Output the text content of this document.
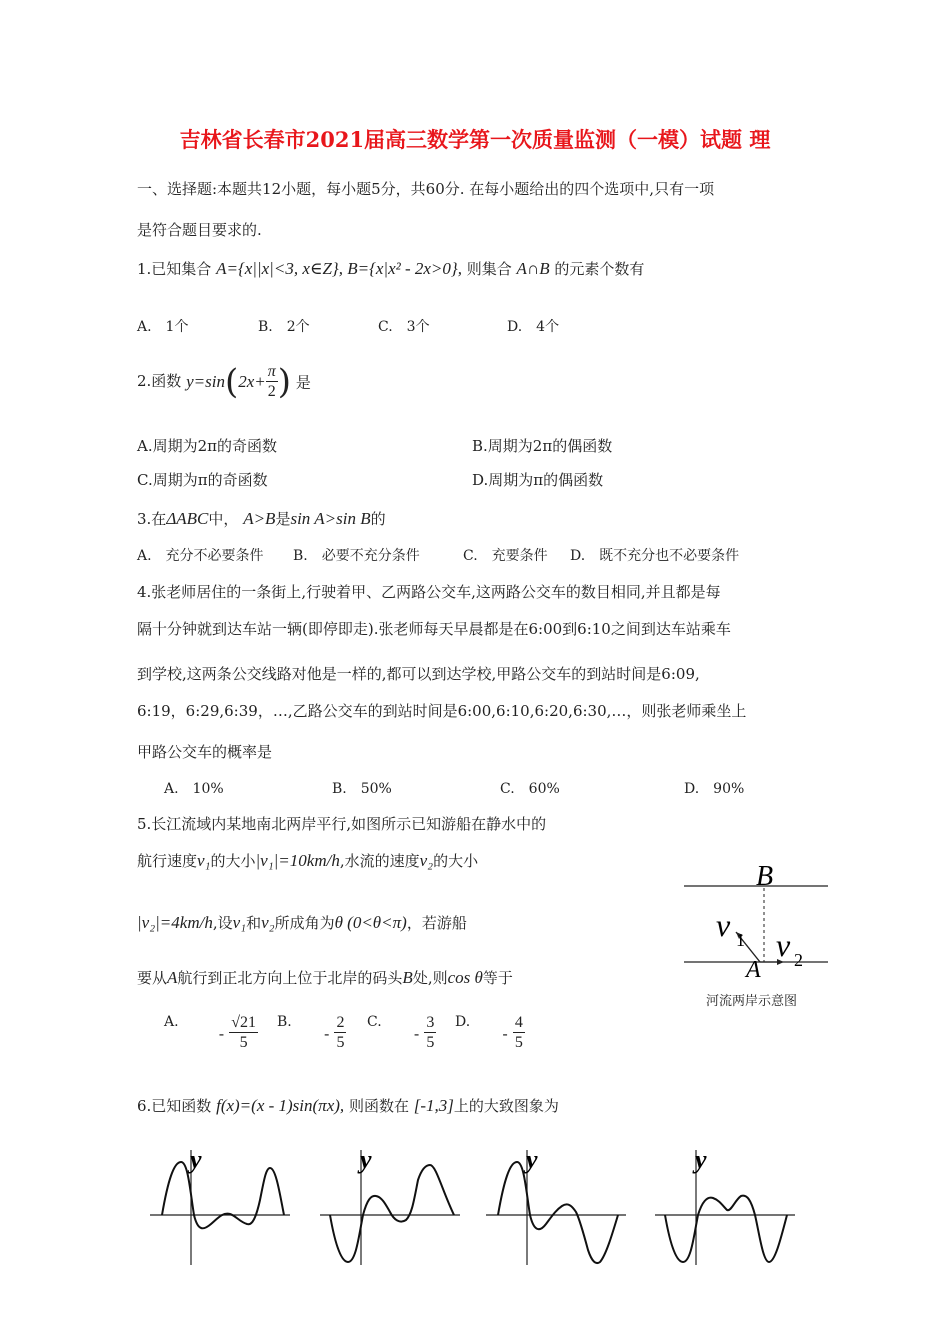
吉林省长春市2021届高三数学第一次质量监测（一模）试题 理
一、选择题:本题共12小题，每小题5分，共60分. 在每小题给出的四个选项中,只有一项
是符合题目要求的.
1.已知集合 A={x||x|<3, x∈Z}, B={x|x² - 2x>0}, 则集合 A∩B 的元素个数有
A.　1个	B.　2个	C.　3个	D.　4个
2.函数 $y=\sin(2x+ \frac{\pi}{2}$ ) 是
A.周期为2π的奇函数	B.周期为2π的偶函数
C.周期为π的奇函数	D.周期为π的偶函数
3.在ΔABC中， A>B是sin A>sin B的
A.　充分不必要条件 B.　必要不充分条件	C.　充要条件 D.　既不充分也不必要条件
4.张老师居住的一条街上,行驶着甲、乙两路公交车,这两路公交车的数目相同,并且都是每
隔十分钟就到达车站一辆(即停即走).张老师每天早晨都是在6:00到6:10之间到达车站乘车
到学校,这两条公交线路对他是一样的,都可以到达学校,甲路公交车的到站时间是6:09,
6:19，6:29,6:39，…,乙路公交车的到站时间是6:00,6:10,6:20,6:30,…，则张老师乘坐上
甲路公交车的概率是
A.　10%	B.　50%	C.　60%	D.　90%
5.长江流域内某地南北两岸平行,如图所示已知游船在静水中的
航行速度v₁的大小|v₁|=10km/h,水流的速度v₂的大小
|v₂|=4km/h,设v₁和v₂所成角为θ (0<θ<π)，若游船
要从A航行到正北方向上位于北岸的码头B处,则cos θ等于
B
A
v 1 v 2
河流两岸示意图
A.  - $\frac{√21}{5} B$.  - $\frac{2}{5} C$.  - $\frac{3}{5} D$.  - $\frac{4}{5}$
6.已知函数 f(x)=(x - 1)sin(πx), 则函数在 [-1,3]上的大致图象为
y	y	y	y
